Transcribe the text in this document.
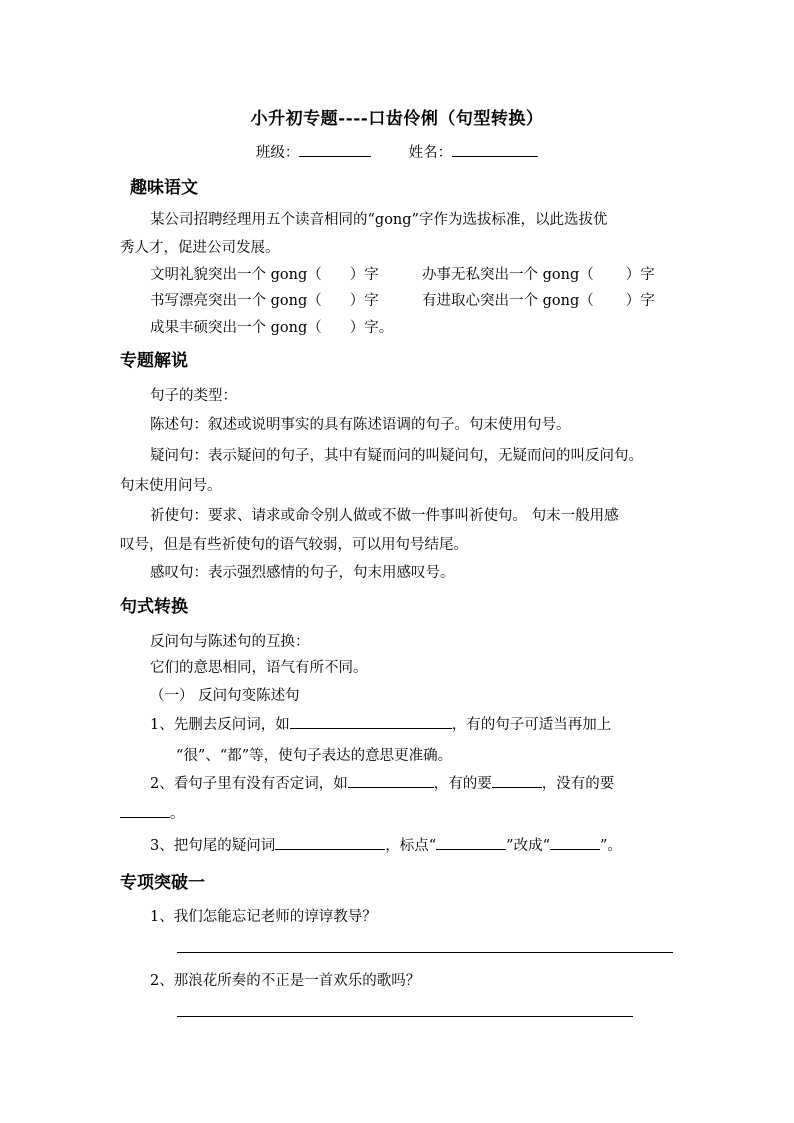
小升初专题----口齿伶俐（句型转换）
班级：	姓名：
趣味语文
某公司招聘经理用五个读音相同的“gong”字作为选拔标准，以此选拔优
秀人才，促进公司发展。
文明礼貌突出一个 gong（ ）字	办事无私突出一个 gong（ ）字
书写漂亮突出一个 gong（ ）字	有进取心突出一个 gong（ ）字
成果丰硕突出一个 gong（ ）字。
专题解说
句子的类型：
陈述句：叙述或说明事实的具有陈述语调的句子。句末使用句号。
疑问句：表示疑问的句子，其中有疑而问的叫疑问句，无疑而问的叫反问句。
句末使用问号。
祈使句：要求、请求或命令别人做或不做一件事叫祈使句。 句末一般用感
叹号，但是有些祈使句的语气较弱，可以用句号结尾。
感叹句：表示强烈感情的句子，句末用感叹号。
句式转换
反问句与陈述句的互换：
它们的意思相同，语气有所不同。
（一） 反问句变陈述句
1、先删去反问词，如	，有的句子可适当再加上
“很”、“都”等，使句子表达的意思更准确。
2、看句子里有没有否定词，如	，有的要	，没有的要
。
3、把句尾的疑问词	，标点“	”改成“	”。
专项突破一
1、我们怎能忘记老师的谆谆教导？
2、那浪花所奏的不正是一首欢乐的歌吗？
